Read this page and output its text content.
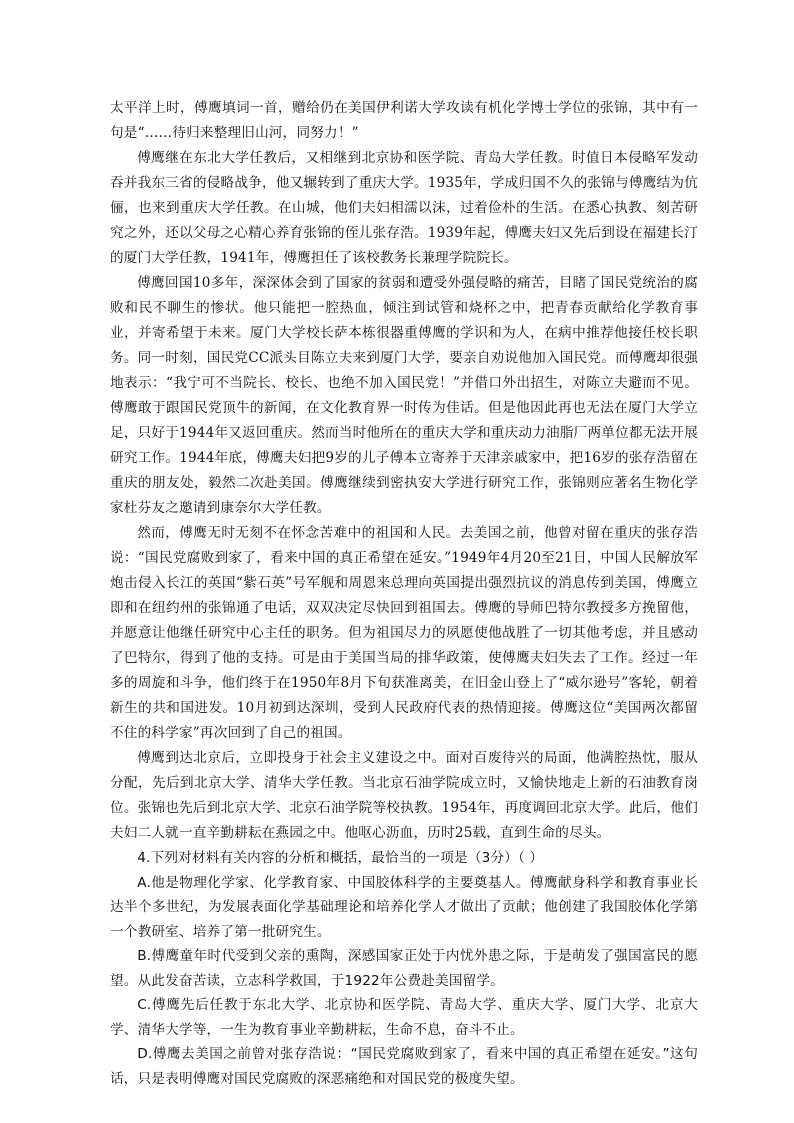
太平洋上时，傅鹰填词一首，赠给仍在美国伊利诺大学攻读有机化学博士学位的张锦，其中有一句是“……待归来整理旧山河，同努力！”

傅鹰继在东北大学任教后，又相继到北京协和医学院、青岛大学任教。时值日本侵略军发动吞并我东三省的侵略战争，他又辗转到了重庆大学。1935年，学成归国不久的张锦与傅鹰结为伉俪，也来到重庆大学任教。在山城，他们夫妇相濡以沫，过着俭朴的生活。在悉心执教、刻苦研究之外，还以父母之心精心养育张锦的侄儿张存浩。1939年起，傅鹰夫妇又先后到设在福建长汀的厦门大学任教，1941年，傅鹰担任了该校教务长兼理学院院长。

傅鹰回国10多年，深深体会到了国家的贫弱和遭受外强侵略的痛苦，目睹了国民党统治的腐败和民不聊生的惨状。他只能把一腔热血，倾注到试管和烧杯之中，把青春贡献给化学教育事业，并寄希望于未来。厦门大学校长萨本栋很器重傅鹰的学识和为人，在病中推荐他接任校长职务。同一时刻，国民党CC派头目陈立夫来到厦门大学，要亲自劝说他加入国民党。而傅鹰却很强地表示：“我宁可不当院长、校长、也绝不加入国民党！”并借口外出招生，对陈立夫避而不见。傅鹰敢于跟国民党顶牛的新闻，在文化教育界一时传为佳话。但是他因此再也无法在厦门大学立足，只好于1944年又返回重庆。然而当时他所在的重庆大学和重庆动力油脂厂两单位都无法开展研究工作。1944年底，傅鹰夫妇把9岁的儿子傅本立寄养于天津亲戚家中，把16岁的张存浩留在重庆的朋友处，毅然二次赴美国。傅鹰继续到密执安大学进行研究工作，张锦则应著名生物化学家杜芬友之邀请到康奈尔大学任教。

然而，傅鹰无时无刻不在怀念苦难中的祖国和人民。去美国之前，他曾对留在重庆的张存浩说：“国民党腐败到家了，看来中国的真正希望在延安。”1949年4月20至21日，中国人民解放军炮击侵入长江的英国“紫石英”号军舰和周恩来总理向英国提出强烈抗议的消息传到美国，傅鹰立即和在纽约州的张锦通了电话，双双决定尽快回到祖国去。傅鹰的导师巴特尔教授多方挽留他，并愿意让他继任研究中心主任的职务。但为祖国尽力的夙愿使他战胜了一切其他考虑，并且感动了巴特尔，得到了他的支持。可是由于美国当局的排华政策，使傅鹰夫妇失去了工作。经过一年多的周旋和斗争，他们终于在1950年8月下旬获准离美，在旧金山登上了“威尔逊号”客轮，朝着新生的共和国进发。10月初到达深圳，受到人民政府代表的热情迎接。傅鹰这位“美国两次都留不住的科学家”再次回到了自己的祖国。

傅鹰到达北京后，立即投身于社会主义建设之中。面对百废待兴的局面，他满腔热忱，服从分配，先后到北京大学、清华大学任教。当北京石油学院成立时，又愉快地走上新的石油教育岗位。张锦也先后到北京大学、北京石油学院等校执教。1954年，再度调回北京大学。此后，他们夫妇二人就一直辛勤耕耘在燕园之中。他呕心沥血，历时25载，直到生命的尽头。

4.下列对材料有关内容的分析和概括，最恰当的一项是（3分）（ ）

A.他是物理化学家、化学教育家、中国胶体科学的主要奠基人。傅鹰献身科学和教育事业长达半个多世纪，为发展表面化学基础理论和培养化学人才做出了贡献；他创建了我国胶体化学第一个教研室、培养了第一批研究生。

B.傅鹰童年时代受到父亲的熏陶，深感国家正处于内忧外患之际，于是萌发了强国富民的愿望。从此发奋苦读，立志科学救国，于1922年公费赴美国留学。

C.傅鹰先后任教于东北大学、北京协和医学院、青岛大学、重庆大学、厦门大学、北京大学、清华大学等，一生为教育事业辛勤耕耘，生命不息，奋斗不止。

D.傅鹰去美国之前曾对张存浩说：“国民党腐败到家了，看来中国的真正希望在延安。”这句话，只是表明傅鹰对国民党腐败的深恶痛绝和对国民党的极度失望。
